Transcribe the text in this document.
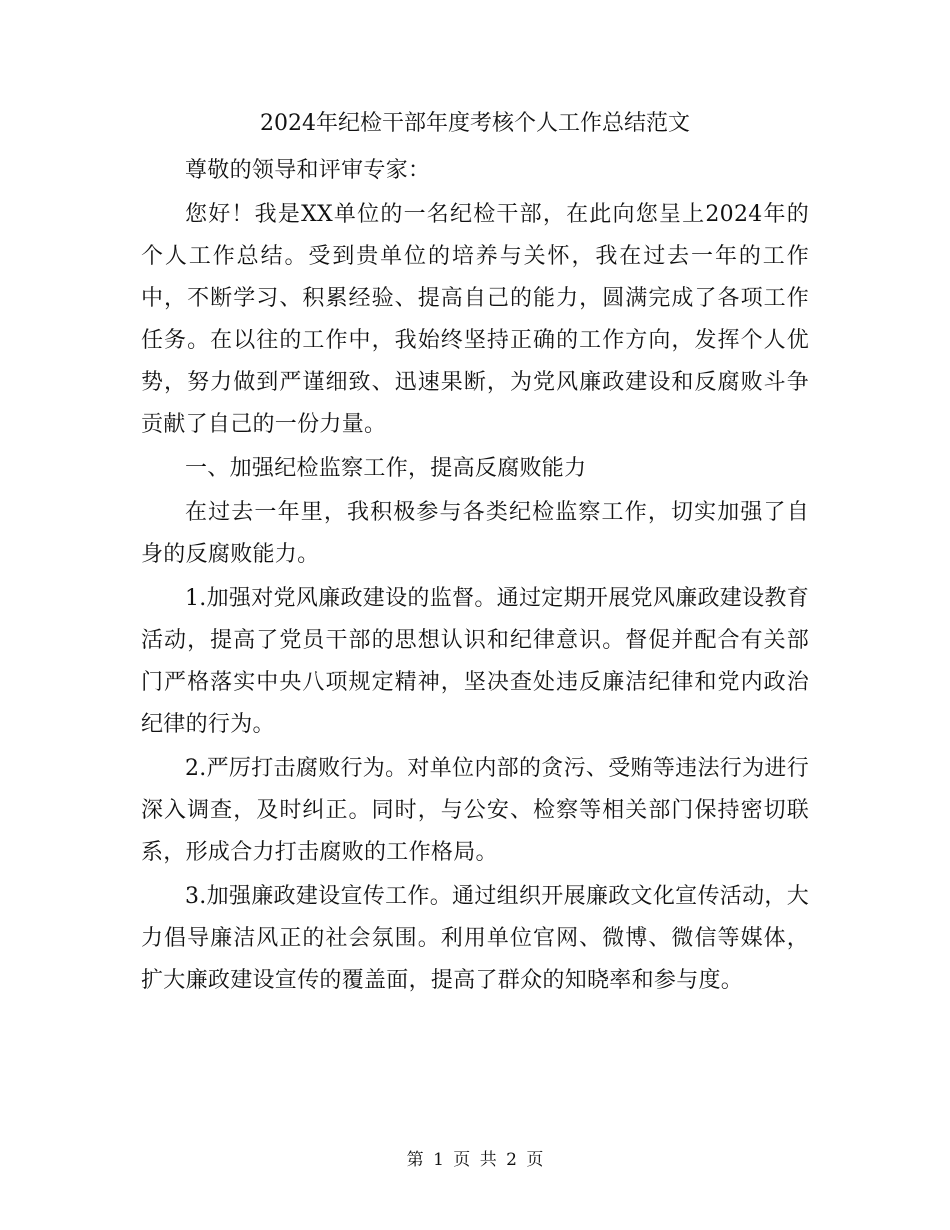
2024年纪检干部年度考核个人工作总结范文

尊敬的领导和评审专家：

您好！我是XX单位的一名纪检干部，在此向您呈上2024年的个人工作总结。受到贵单位的培养与关怀，我在过去一年的工作中，不断学习、积累经验、提高自己的能力，圆满完成了各项工作任务。在以往的工作中，我始终坚持正确的工作方向，发挥个人优势，努力做到严谨细致、迅速果断，为党风廉政建设和反腐败斗争贡献了自己的一份力量。

一、加强纪检监察工作，提高反腐败能力

在过去一年里，我积极参与各类纪检监察工作，切实加强了自身的反腐败能力。

1.加强对党风廉政建设的监督。通过定期开展党风廉政建设教育活动，提高了党员干部的思想认识和纪律意识。督促并配合有关部门严格落实中央八项规定精神，坚决查处违反廉洁纪律和党内政治纪律的行为。

2.严厉打击腐败行为。对单位内部的贪污、受贿等违法行为进行深入调查，及时纠正。同时，与公安、检察等相关部门保持密切联系，形成合力打击腐败的工作格局。

3.加强廉政建设宣传工作。通过组织开展廉政文化宣传活动，大力倡导廉洁风正的社会氛围。利用单位官网、微博、微信等媒体，扩大廉政建设宣传的覆盖面，提高了群众的知晓率和参与度。

第 1 页 共 2 页
